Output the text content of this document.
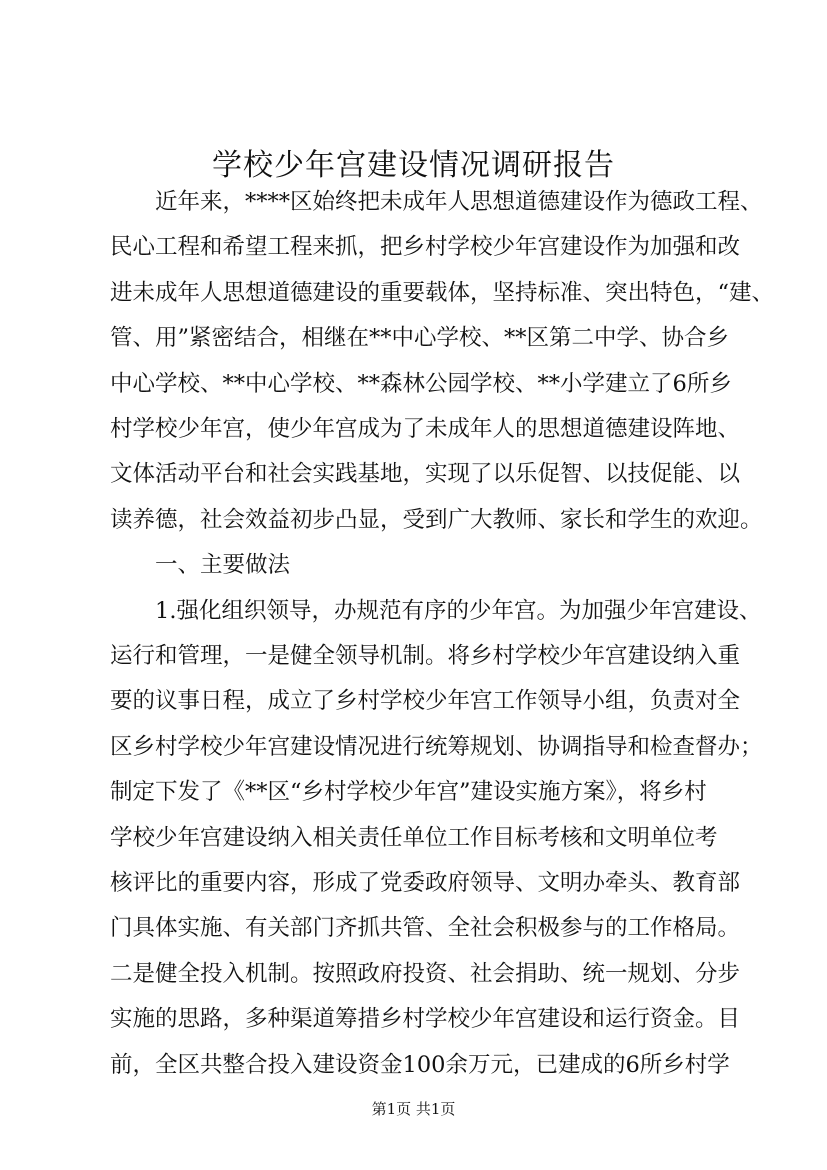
学校少年宫建设情况调研报告
　　近年来，****区始终把未成年人思想道德建设作为德政工程、
民心工程和希望工程来抓，把乡村学校少年宫建设作为加强和改
进未成年人思想道德建设的重要载体，坚持标准、突出特色，“建、
管、用”紧密结合，相继在**中心学校、**区第二中学、协合乡
中心学校、**中心学校、**森林公园学校、**小学建立了6所乡
村学校少年宫，使少年宫成为了未成年人的思想道德建设阵地、
文体活动平台和社会实践基地，实现了以乐促智、以技促能、以
读养德，社会效益初步凸显，受到广大教师、家长和学生的欢迎。
　　一、主要做法
　　1.强化组织领导，办规范有序的少年宫。为加强少年宫建设、
运行和管理，一是健全领导机制。将乡村学校少年宫建设纳入重
要的议事日程，成立了乡村学校少年宫工作领导小组，负责对全
区乡村学校少年宫建设情况进行统筹规划、协调指导和检查督办；
制定下发了《**区“乡村学校少年宫”建设实施方案》，将乡村
学校少年宫建设纳入相关责任单位工作目标考核和文明单位考
核评比的重要内容，形成了党委政府领导、文明办牵头、教育部
门具体实施、有关部门齐抓共管、全社会积极参与的工作格局。
二是健全投入机制。按照政府投资、社会捐助、统一规划、分步
实施的思路，多种渠道筹措乡村学校少年宫建设和运行资金。目
前，全区共整合投入建设资金100余万元，已建成的6所乡村学
第1页 共1页
